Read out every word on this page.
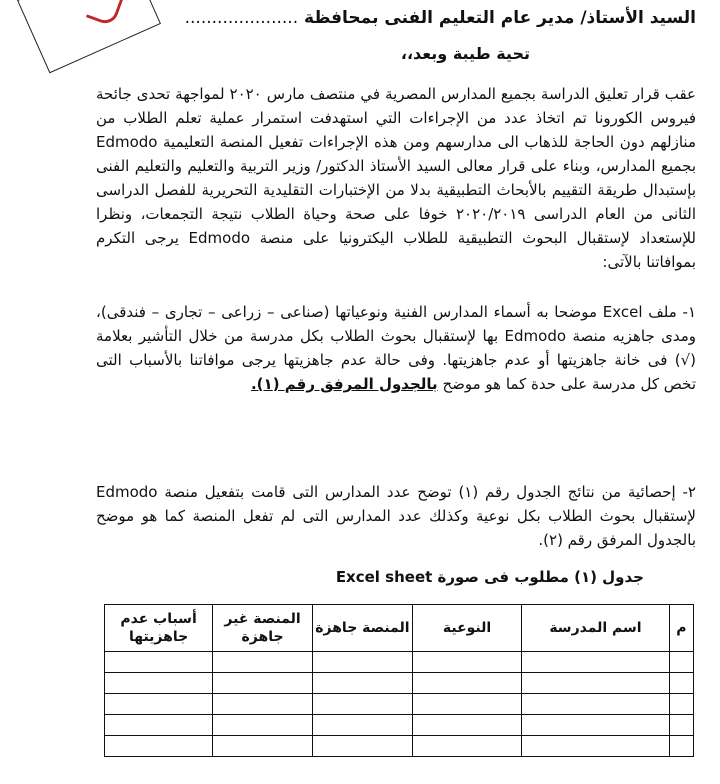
السيد الأستاذ/ مدير عام التعليم الفنى بمحافظة .....................
تحية طيبة وبعد،،
عقب قرار تعليق الدراسة بجميع المدارس المصرية في منتصف مارس ٢٠٢٠ لمواجهة تحدى جائحة فيروس الكورونا تم اتخاذ عدد من الإجراءات التي استهدفت استمرار عملية تعلم الطلاب من منازلهم دون الحاجة للذهاب الى مدارسهم ومن هذه الإجراءات تفعيل المنصة التعليمية Edmodo بجميع المدارس، وبناء على قرار معالى السيد الأستاذ الدكتور/ وزير التربية والتعليم والتعليم الفنى بإستبدال طريقة التقييم بالأبحاث التطبيقية بدلا من الإختبارات التقليدية التحريرية للفصل الدراسى الثانى من العام الدراسى ٢٠٢٠/٢٠١٩ خوفا على صحة وحياة الطلاب نتيجة التجمعات، ونظرا للإستعداد لإستقبال البحوث التطبيقية للطلاب اليكترونيا على منصة Edmodo يرجى التكرم بموافاتنا بالآتى:
١- ملف Excel موضحا به أسماء المدارس الفنية ونوعياتها (صناعى – زراعى – تجارى – فندقى)، ومدى جاهزيه منصة Edmodo بها لإستقبال بحوث الطلاب بكل مدرسة من خلال التأشير بعلامة (√) فى خانة جاهزيتها أو عدم جاهزيتها. وفى حالة عدم جاهزيتها يرجى موافاتنا بالأسباب التى تخص كل مدرسة على حدة كما هو موضح بالجدول المرفق رقم (١).
٢- إحصائية من نتائج الجدول رقم (١) توضح عدد المدارس التى قامت بتفعيل منصة Edmodo لإستقبال بحوث الطلاب بكل نوعية وكذلك عدد المدارس التى لم تفعل المنصة كما هو موضح بالجدول المرفق رقم (٢).
جدول (١) مطلوب فى صورة Excel sheet
م	اسم المدرسة	النوعية	المنصة جاهزة	المنصة غير جاهزة	أسباب عدم جاهزيتها
